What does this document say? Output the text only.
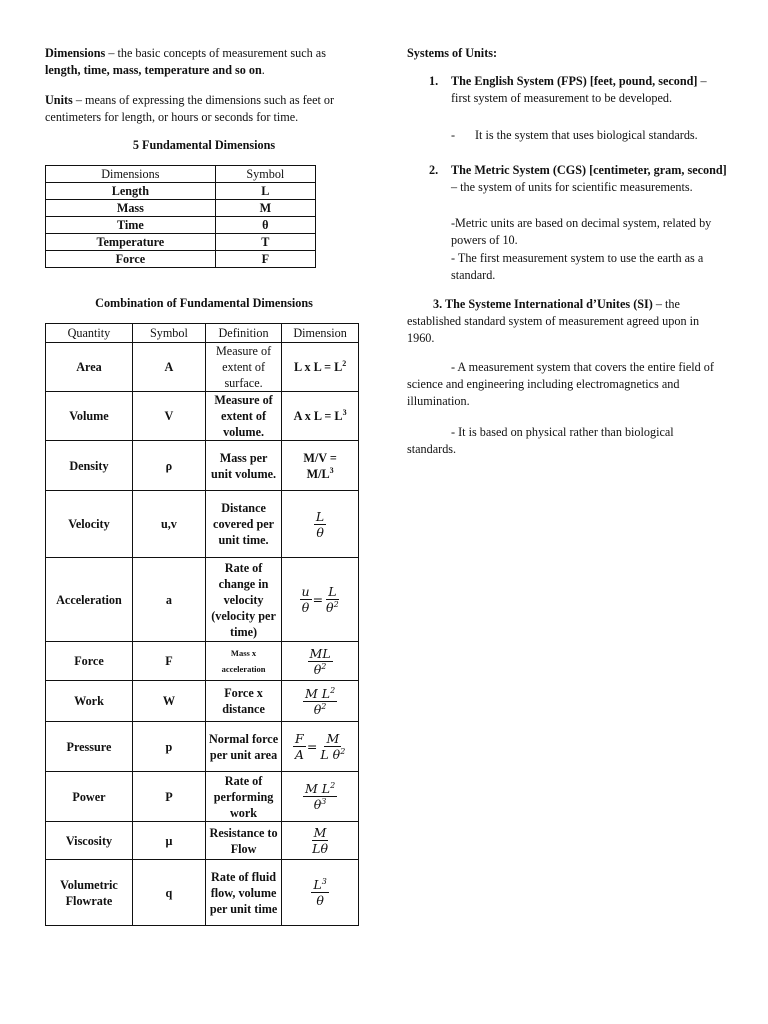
Dimensions – the basic concepts of measurement such as length, time, mass, temperature and so on.
Units – means of expressing the dimensions such as feet or centimeters for length, or hours or seconds for time.
5 Fundamental Dimensions
Dimensions	Symbol
Length	L
Mass	M
Time	θ
Temperature	T
Force	F
Combination of Fundamental Dimensions
Quantity	Symbol	Definition	Dimension
Area	A	Measure of extent of surface.	L x $L = L^2$
Volume	V	Measure of extent of volume.	A x $L = L^3$
Density	ρ	Mass per unit volume.	M/V =
$M/L^3$
Velocity	u,v	Distance covered per unit time.	$\frac{L}{\theta}$

Acceleration	a	Rate of change in velocity (velocity per time)	$\frac{u}{\theta} = \frac{L}{\theta^2}$

Force	F	Mass x acceleration	$\frac{ML}{\theta^2}$

Work	W	Force x distance	$\frac{M L^2}{\theta^2}$

Pressure	p	Normal force per unit area	$\frac{F}{A} = \frac{M}{L \theta^2}$

Power	P	Rate of performing work	$\frac{M L^2}{\theta^3}$

Viscosity	μ	Resistance to Flow	$\frac{M}{L\theta}$

Volumetric Flowrate	q	Rate of fluid flow, volume per unit time	$\frac{L^3}{\theta}$
Systems of Units:
1. The English System (FPS) [feet, pound, second] – first system of measurement to be developed.
- It is the system that uses biological standards.
2. The Metric System (CGS) [centimeter, gram, second] – the system of units for scientific measurements.
-Metric units are based on decimal system, related by powers of 10.
- The first measurement system to use the earth as a standard.
3. The Systeme International d’Unites (SI) – the established standard system of measurement agreed upon in 1960.
- A measurement system that covers the entire field of science and engineering including electromagnetics and illumination.
- It is based on physical rather than biological standards.
